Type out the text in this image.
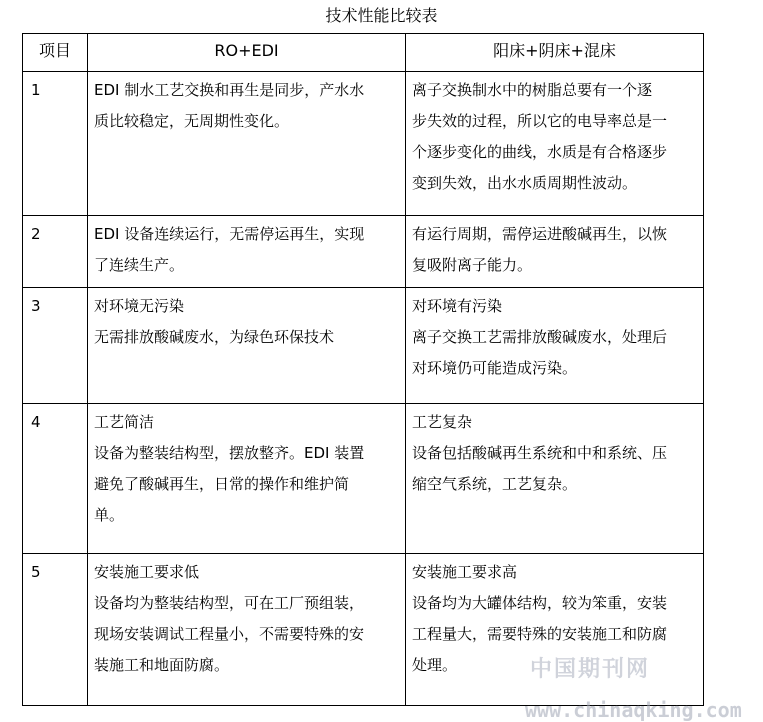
技术性能比较表
项目	RO+EDI	阳床+阴床+混床
1	EDI 制水工艺交换和再生是同步，产水水
质比较稳定，无周期性变化。	离子交换制水中的树脂总要有一个逐
步失效的过程，所以它的电导率总是一
个逐步变化的曲线，水质是有合格逐步
变到失效，出水水质周期性波动。

2	EDI 设备连续运行，无需停运再生，实现
了连续生产。	有运行周期，需停运进酸碱再生，以恢
复吸附离子能力。

3	对环境无污染
无需排放酸碱废水，为绿色环保技术	对环境有污染
离子交换工艺需排放酸碱废水，处理后
对环境仍可能造成污染。

4	工艺简洁
设备为整装结构型，摆放整齐。EDI 装置
避免了酸碱再生，日常的操作和维护简
单。	工艺复杂
设备包括酸碱再生系统和中和系统、压
缩空气系统，工艺复杂。

5	安装施工要求低
设备均为整装结构型，可在工厂预组装，
现场安装调试工程量小，不需要特殊的安
装施工和地面防腐。	安装施工要求高
设备均为大罐体结构，较为笨重，安装
工程量大，需要特殊的安装施工和防腐
处理。	中国期刊网
www.chinaqking.com
